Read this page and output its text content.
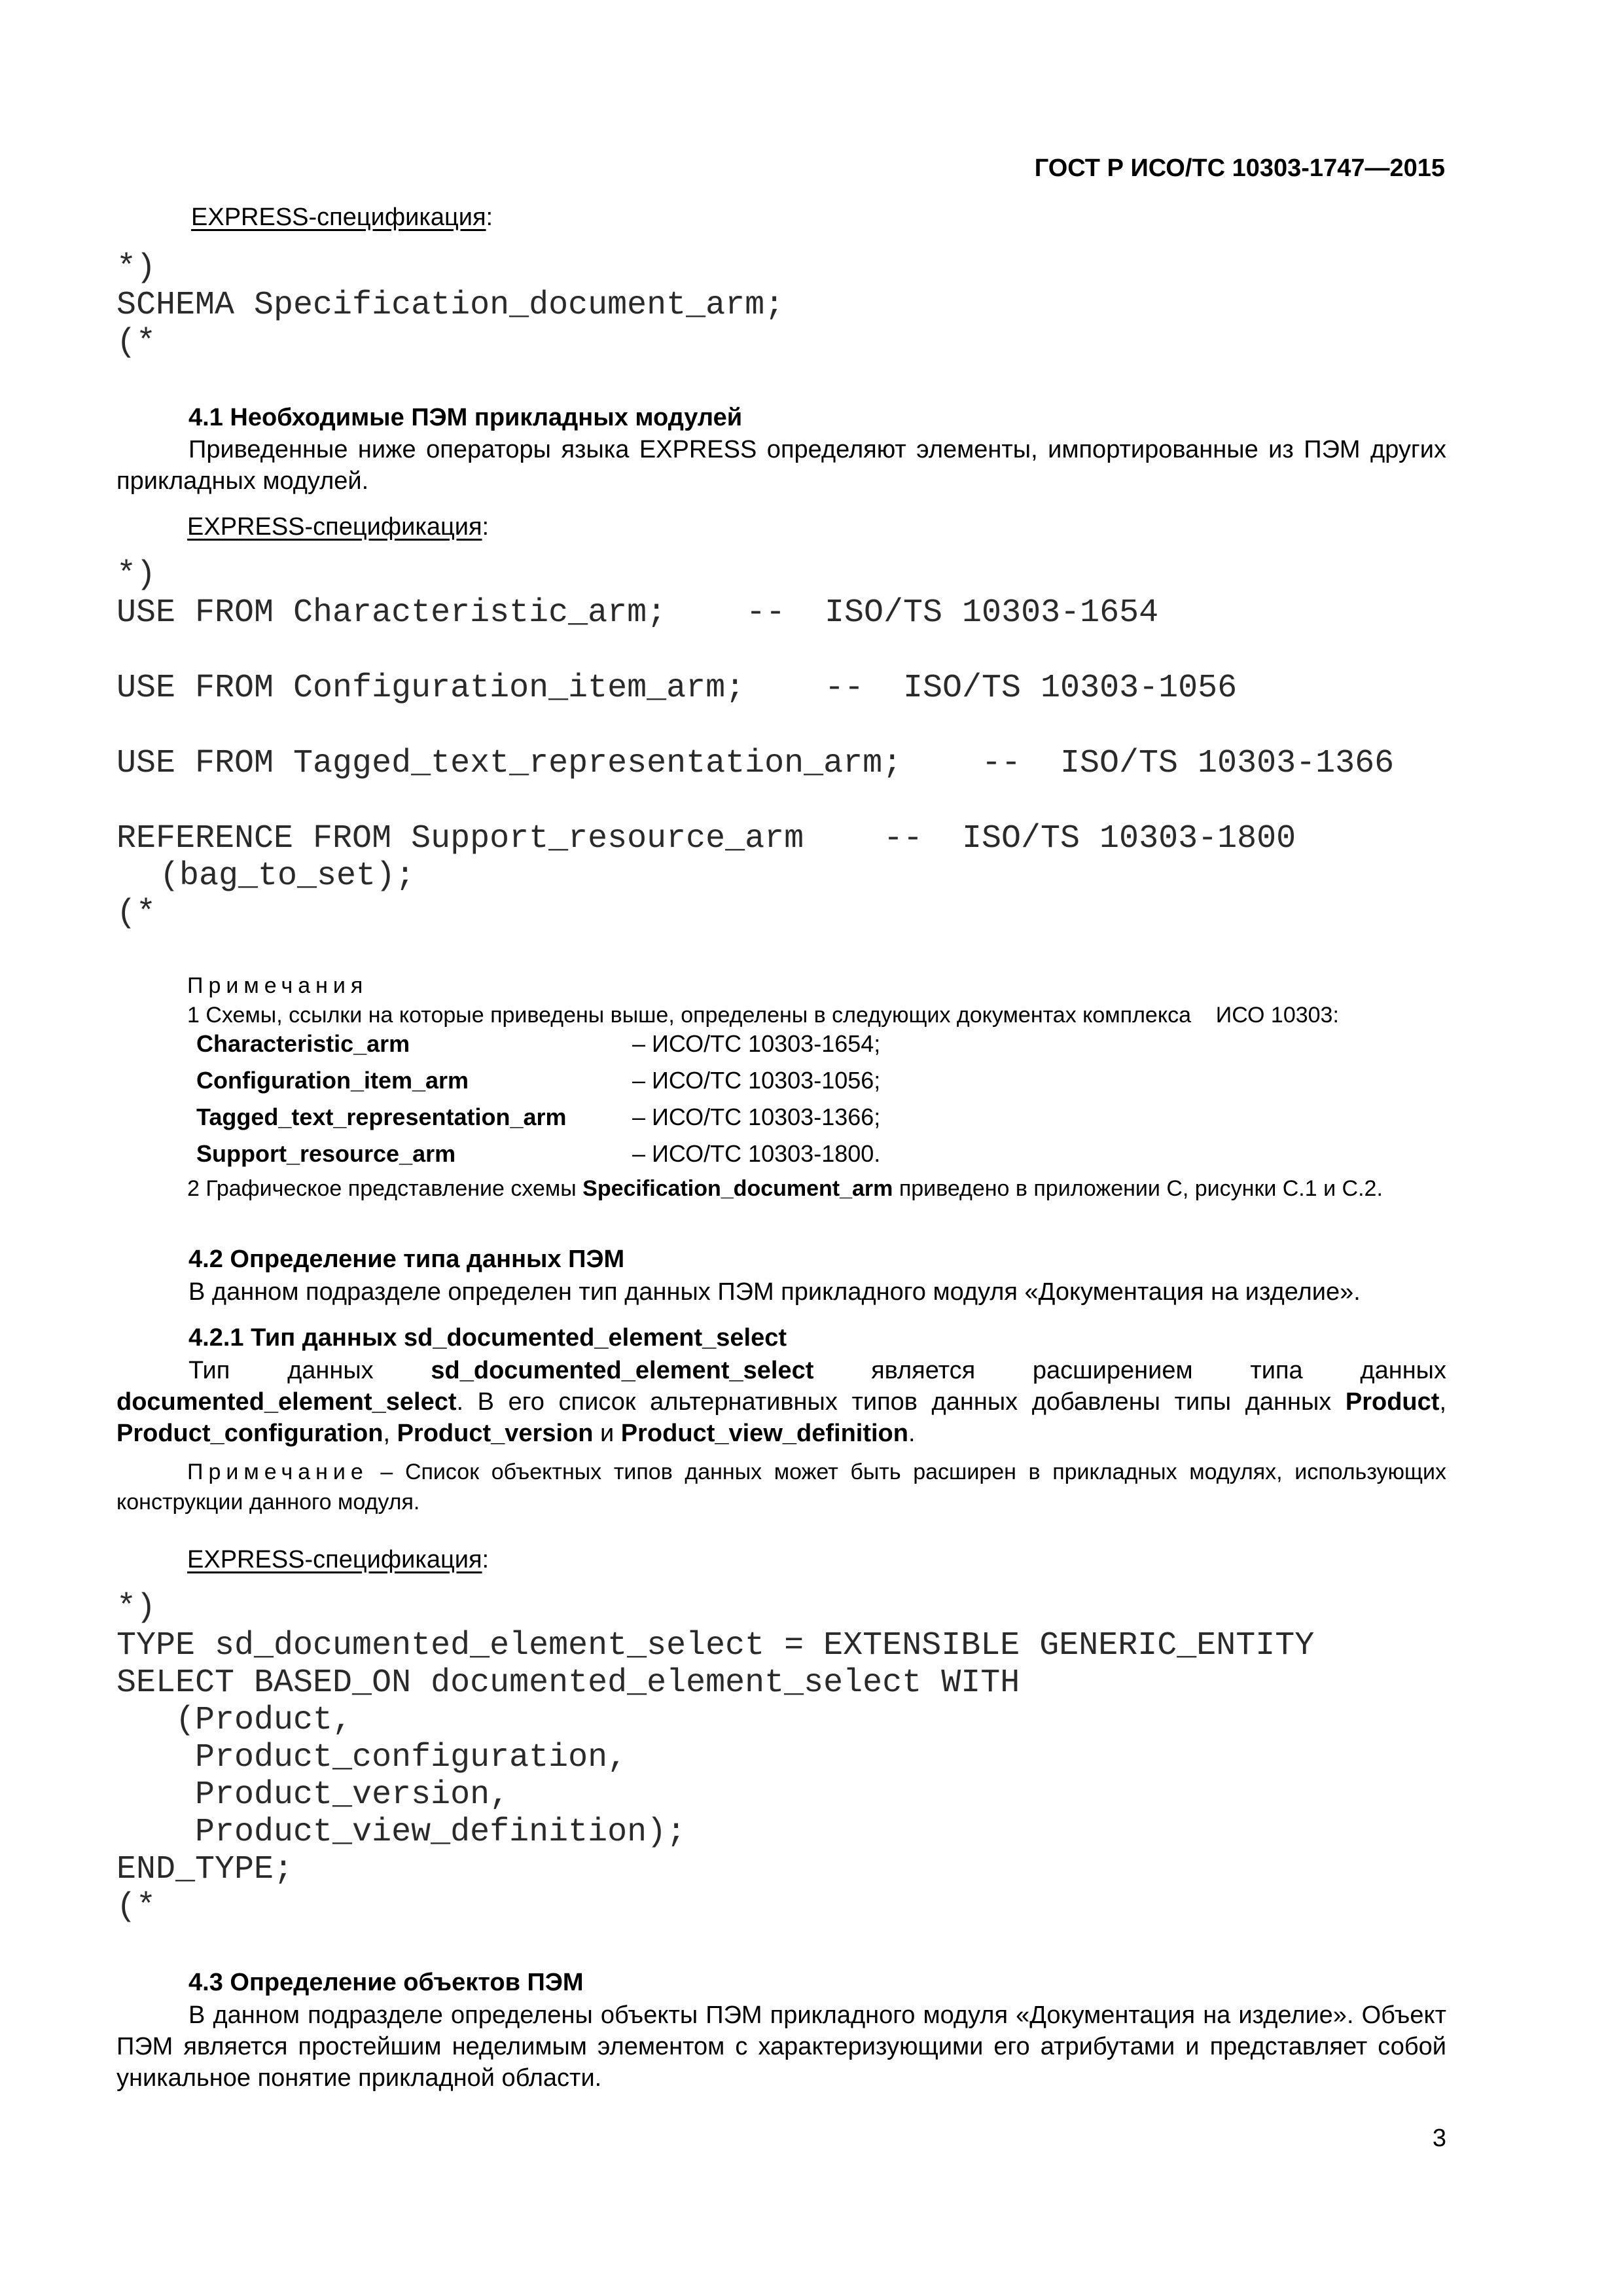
ГОСТ Р ИСО/ТС 10303-1747—2015
EXPRESS-спецификация:
*)
SCHEMA Specification_document_arm;
(*
4.1 Необходимые ПЭМ прикладных модулей
Приведенные ниже операторы языка EXPRESS определяют элементы, импортированные из ПЭМ других прикладных модулей.
EXPRESS-спецификация:
*)
USE FROM Characteristic_arm; --  ISO/TS 10303-1654
USE FROM Configuration_item_arm; --  ISO/TS 10303-1056
USE FROM Tagged_text_representation_arm; --  ISO/TS 10303-1366
REFERENCE FROM Support_resource_arm --  ISO/TS 10303-1800
(bag_to_set);
(*
Примечания
1 Схемы, ссылки на которые приведены выше, определены в следующих документах комплекса    ИСО 10303:
Characteristic_arm	– ИСО/ТС 10303-1654;
Configuration_item_arm	– ИСО/ТС 10303-1056;
Tagged_text_representation_arm	– ИСО/ТС 10303-1366;
Support_resource_arm	– ИСО/ТС 10303-1800.
2 Графическое представление схемы Specification_document_arm приведено в приложении С, рисунки С.1 и С.2.
4.2 Определение типа данных ПЭМ
В данном подразделе определен тип данных ПЭМ прикладного модуля «Документация на изделие».
4.2.1 Тип данных sd_documented_element_select
Тип данных sd_documented_element_select является расширением типа данных documented_element_select. В его список альтернативных типов данных добавлены типы данных Product, Product_configuration, Product_version и Product_view_definition.
Примечание – Список объектных типов данных может быть расширен в прикладных модулях, использующих конструкции данного модуля.
EXPRESS-спецификация:
*)
TYPE sd_documented_element_select = EXTENSIBLE GENERIC_ENTITY
SELECT BASED_ON documented_element_select WITH
(Product,
Product_configuration,
Product_version,
Product_view_definition);
END_TYPE;
(*
4.3 Определение объектов ПЭМ
В данном подразделе определены объекты ПЭМ прикладного модуля «Документация на изделие». Объект ПЭМ является простейшим неделимым элементом с характеризующими его атрибутами и представляет собой уникальное понятие прикладной области.
3
